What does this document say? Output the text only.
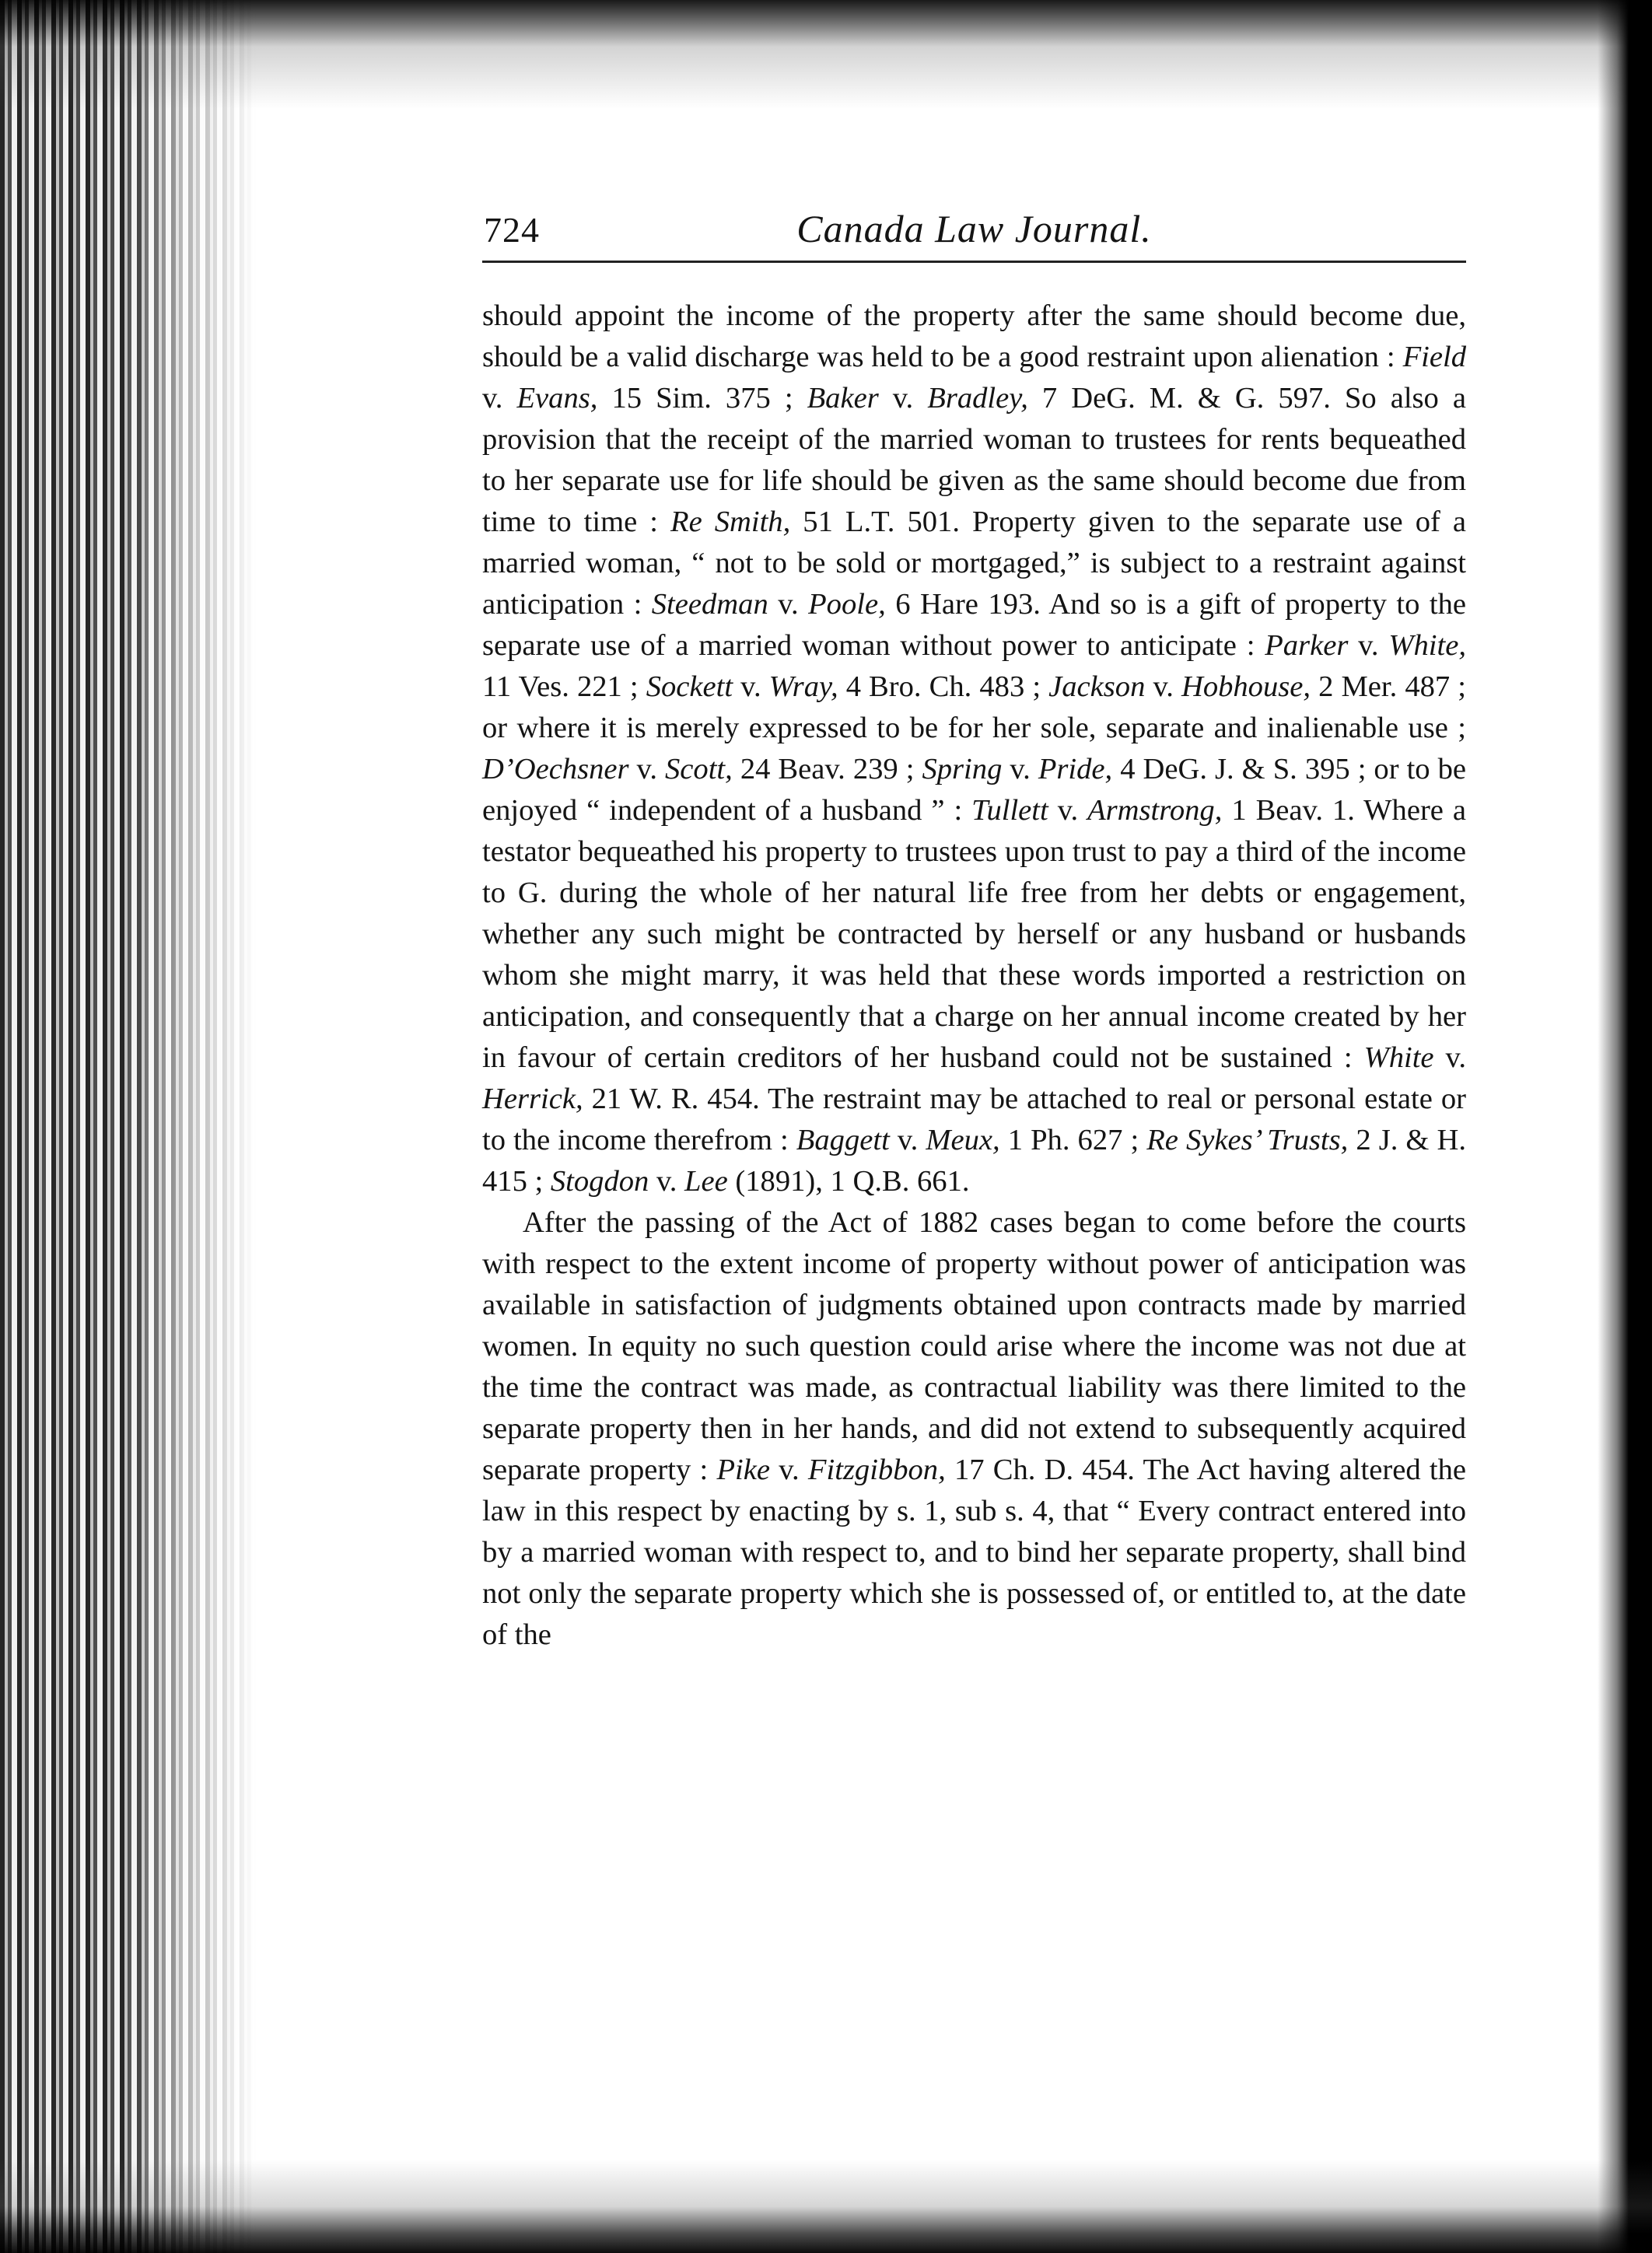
724	Canada Law Journal.

should appoint the income of the property after the same should become due, should be a valid discharge was held to be a good restraint upon alienation : Field v. Evans, 15 Sim. 375 ; Baker v. Bradley, 7 DeG. M. & G. 597. So also a provision that the receipt of the married woman to trustees for rents bequeathed to her separate use for life should be given as the same should become due from time to time : Re Smith, 51 L.T. 501. Property given to the separate use of a married woman, “ not to be sold or mortgaged,” is subject to a restraint against anticipation : Steedman v. Poole, 6 Hare 193. And so is a gift of property to the separate use of a married woman without power to anticipate : Parker v. White, 11 Ves. 221 ; Sockett v. Wray, 4 Bro. Ch. 483 ; Jackson v. Hobhouse, 2 Mer. 487 ; or where it is merely expressed to be for her sole, separate and inalienable use ; D’Oechsner v. Scott, 24 Beav. 239 ; Spring v. Pride, 4 DeG. J. & S. 395 ; or to be enjoyed “ independent of a husband ” : Tullett v. Armstrong, 1 Beav. 1. Where a testator bequeathed his property to trustees upon trust to pay a third of the income to G. during the whole of her natural life free from her debts or engagement, whether any such might be contracted by herself or any husband or husbands whom she might marry, it was held that these words imported a restriction on anticipation, and consequently that a charge on her annual income created by her in favour of certain creditors of her husband could not be sustained : White v. Herrick, 21 W. R. 454. The restraint may be attached to real or personal estate or to the income therefrom : Baggett v. Meux, 1 Ph. 627 ; Re Sykes’ Trusts, 2 J. & H. 415 ; Stogdon v. Lee (1891), 1 Q.B. 661.

After the passing of the Act of 1882 cases began to come before the courts with respect to the extent income of property without power of anticipation was available in satisfaction of judgments obtained upon contracts made by married women. In equity no such question could arise where the income was not due at the time the contract was made, as contractual liability was there limited to the separate property then in her hands, and did not extend to subsequently acquired separate property : Pike v. Fitzgibbon, 17 Ch. D. 454. The Act having altered the law in this respect by enacting by s. 1, sub s. 4, that “ Every contract entered into by a married woman with respect to, and to bind her separate property, shall bind not only the separate property which she is possessed of, or entitled to, at the date of the
